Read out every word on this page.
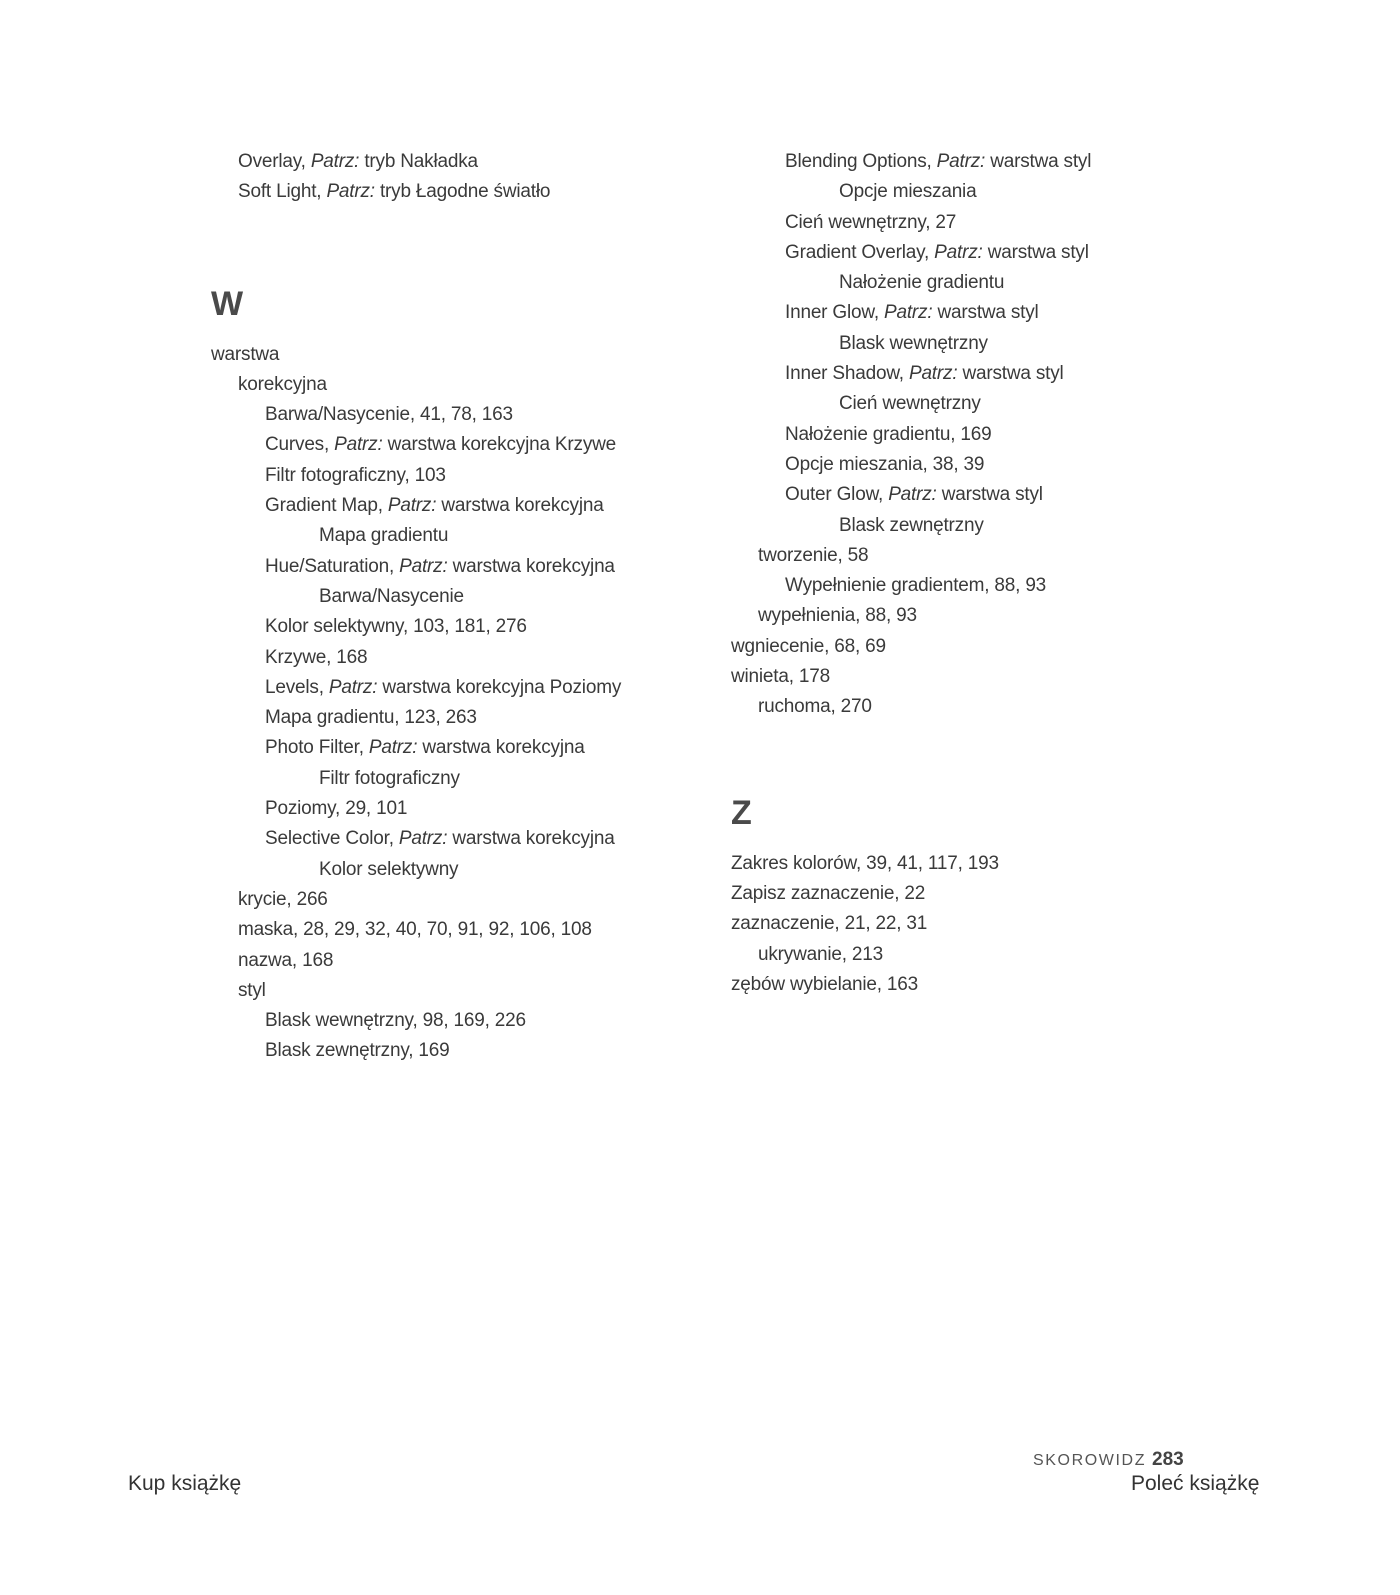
Overlay, Patrz: tryb Nakładka
Soft Light, Patrz: tryb Łagodne światło
W
warstwa
korekcyjna
Barwa/Nasycenie, 41, 78, 163
Curves, Patrz: warstwa korekcyjna Krzywe
Filtr fotograficzny, 103
Gradient Map, Patrz: warstwa korekcyjna
Mapa gradientu
Hue/Saturation, Patrz: warstwa korekcyjna
Barwa/Nasycenie
Kolor selektywny, 103, 181, 276
Krzywe, 168
Levels, Patrz: warstwa korekcyjna Poziomy
Mapa gradientu, 123, 263
Photo Filter, Patrz: warstwa korekcyjna
Filtr fotograficzny
Poziomy, 29, 101
Selective Color, Patrz: warstwa korekcyjna
Kolor selektywny
krycie, 266
maska, 28, 29, 32, 40, 70, 91, 92, 106, 108
nazwa, 168
styl
Blask wewnętrzny, 98, 169, 226
Blask zewnętrzny, 169
Blending Options, Patrz: warstwa styl
Opcje mieszania
Cień wewnętrzny, 27
Gradient Overlay, Patrz: warstwa styl
Nałożenie gradientu
Inner Glow, Patrz: warstwa styl
Blask wewnętrzny
Inner Shadow, Patrz: warstwa styl
Cień wewnętrzny
Nałożenie gradientu, 169
Opcje mieszania, 38, 39
Outer Glow, Patrz: warstwa styl
Blask zewnętrzny
tworzenie, 58
Wypełnienie gradientem, 88, 93
wypełnienia, 88, 93
wgniecenie, 68, 69
winieta, 178
ruchoma, 270
Z
Zakres kolorów, 39, 41, 117, 193
Zapisz zaznaczenie, 22
zaznaczenie, 21, 22, 31
ukrywanie, 213
zębów wybielanie, 163
SKOROWIDZ 283
Kup książkę	Poleć książkę
